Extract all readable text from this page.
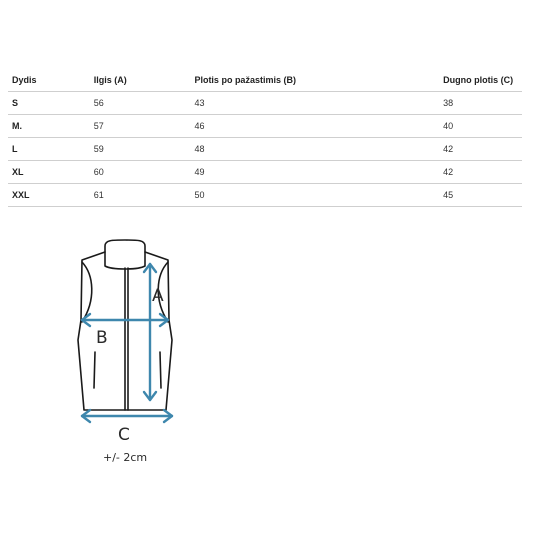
Dydis	Ilgis (A)	Plotis po pažastimis (B)	Dugno plotis (C)
S	56	43	38
M.	57	46	40
L	59	48	42
XL	60	49	42
XXL	61	50	45
A
B
C
+/- 2cm
